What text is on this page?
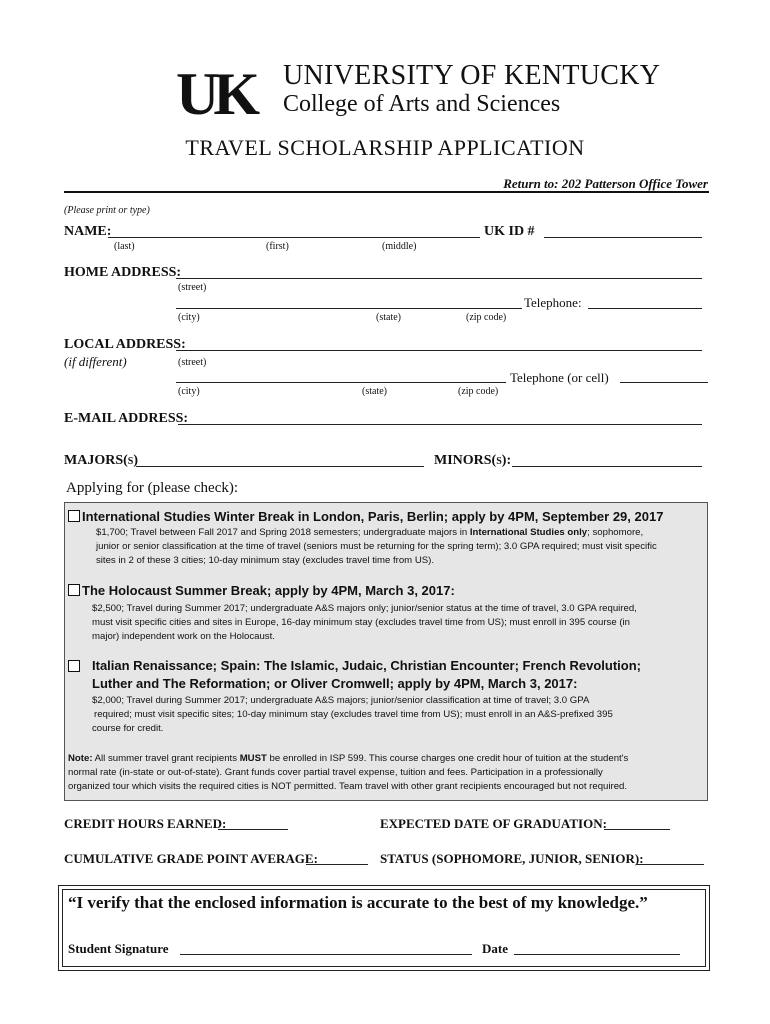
UK UNIVERSITY OF KENTUCKY
College of Arts and Sciences
TRAVEL SCHOLARSHIP APPLICATION
Return to: 202 Patterson Office Tower
(Please print or type)
NAME:
(last)	(first)	(middle)
UK ID #
HOME ADDRESS:
(street)
Telephone:
(city)	(state)	(zip code)
LOCAL ADDRESS:
(if different)	(street)
Telephone (or cell)
(city)	(state)	(zip code)
E-MAIL ADDRESS:
MAJORS(s)	MINORS(s):
Applying for (please check):
International Studies Winter Break in London, Paris, Berlin; apply by 4PM, September 29, 2017
$1,700; Travel between Fall 2017 and Spring 2018 semesters; undergraduate majors in International Studies only; sophomore,
junior or senior classification at the time of travel (seniors must be returning for the spring term); 3.0 GPA required; must visit specific
sites in 2 of these 3 cities; 10-day minimum stay (excludes travel time from US).
The Holocaust Summer Break; apply by 4PM, March 3, 2017:
$2,500; Travel during Summer 2017; undergraduate A&S majors only; junior/senior status at the time of travel, 3.0 GPA required,
must visit specific cities and sites in Europe, 16-day minimum stay (excludes travel time from US); must enroll in 395 course (in
major) independent work on the Holocaust.
Italian Renaissance; Spain: The Islamic, Judaic, Christian Encounter; French Revolution;
Luther and The Reformation; or Oliver Cromwell; apply by 4PM, March 3, 2017:
$2,000; Travel during Summer 2017; undergraduate A&S majors; junior/senior classification at time of travel; 3.0 GPA
required; must visit specific sites; 10-day minimum stay (excludes travel time from US); must enroll in an A&S-prefixed 395
course for credit.
Note: All summer travel grant recipients MUST be enrolled in ISP 599. This course charges one credit hour of tuition at the student's
normal rate (in-state or out-of-state). Grant funds cover partial travel expense, tuition and fees. Participation in a professionally
organized tour which visits the required cities is NOT permitted. Team travel with other grant recipients encouraged but not required.
CREDIT HOURS EARNED:	EXPECTED DATE OF GRADUATION:
CUMULATIVE GRADE POINT AVERAGE:	STATUS (SOPHOMORE, JUNIOR, SENIOR):
“I verify that the enclosed information is accurate to the best of my knowledge.”
Student Signature	Date
